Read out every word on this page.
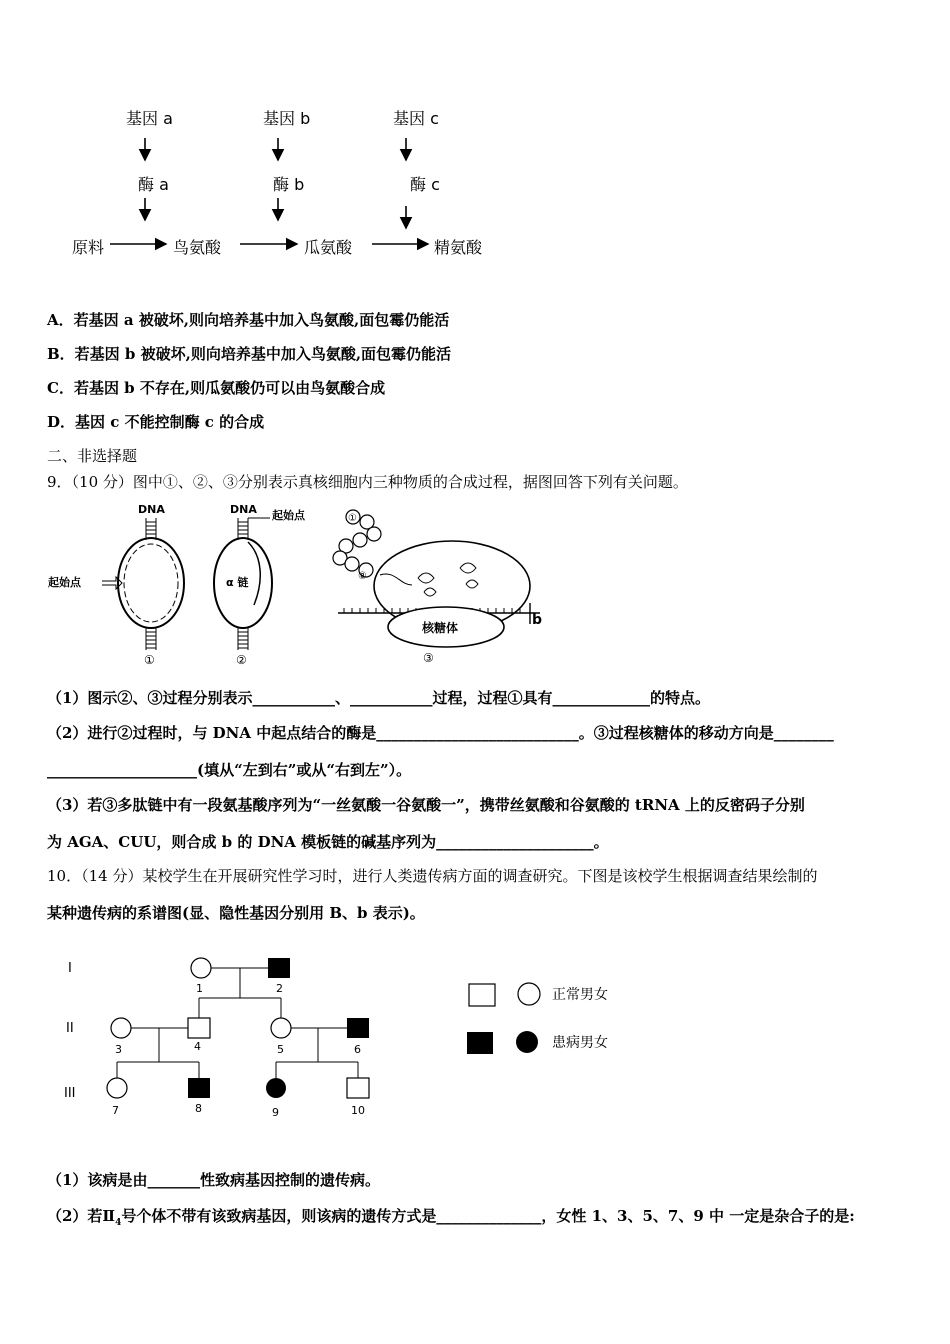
基因 a	基因 b	基因 c
酶 a	酶 b	酶 c
原料	鸟氨酸	瓜氨酸	精氨酸
A．若基因 a 被破坏,则向培养基中加入鸟氨酸,面包霉仍能活
B．若基因 b 被破坏,则向培养基中加入鸟氨酸,面包霉仍能活
C．若基因 b 不存在,则瓜氨酸仍可以由鸟氨酸合成
D．基因 c 不能控制酶 c 的合成
二、非选择题
9．（10 分）图中①、②、③分别表示真核细胞内三种物质的合成过程，据图回答下列有关问题。
DNA
起始点
①
DNA 起始点
α 链
②
①
⑧
核糖体
③
b
（1）图示②、③过程分别表示___________、___________过程，过程①具有_____________的特点。
（2）进行②过程时，与 DNA 中起点结合的酶是___________________________。③过程核糖体的移动方向是________
____________________(填从“左到右”或从“右到左”）。
（3）若③多肽链中有一段氨基酸序列为“一丝氨酸一谷氨酸一”，携带丝氨酸和谷氨酸的 tRNA 上的反密码子分别
为 AGA、CUU，则合成 b 的 DNA 模板链的碱基序列为_____________________。
10．（14 分）某校学生在开展研究性学习时，进行人类遗传病方面的调查研究。下图是该校学生根据调查结果绘制的
某种遗传病的系谱图(显、隐性基因分别用 B、b 表示)。
I
II
III
1	2
3	4	5	6
7	8	9	10
正常男女
患病男女
（1）该病是由_______性致病基因控制的遗传病。
（2）若$Ⅱ_4$号个体不带有该致病基因，则该病的遗传方式是______________，女性 1、3、5、7、9 中 一定是杂合子的是:
